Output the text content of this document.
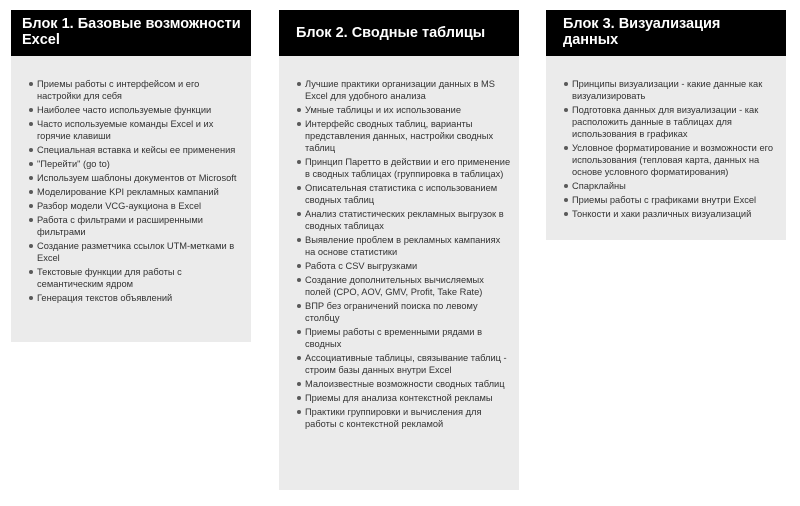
Блок 1. Базовые возможности Excel
Приемы работы с интерфейсом и его настройки для себя
Наиболее часто используемые функции
Часто используемые команды Excel и их горячие клавиши
Специальная вставка и кейсы ее применения
"Перейти" (go to)
Используем шаблоны документов от Microsoft
Моделирование KPI рекламных кампаний
Разбор модели VCG-аукциона в Excel
Работа с фильтрами и расширенными фильтрами
Создание разметчика ссылок UTM-метками в Excel
Текстовые функции для работы с семантическим ядром
Генерация текстов объявлений
Блок 2. Сводные таблицы
Лучшие практики организации данных в MS Excel для удобного анализа
Умные таблицы и их использование
Интерфейс сводных таблиц, варианты представления данных, настройки сводных таблиц
Принцип Паретто в действии и его применение в сводных таблицах (группировка в таблицах)
Описательная статистика с использованием сводных таблиц
Анализ статистических рекламных выгрузок в сводных таблицах
Выявление проблем в рекламных кампаниях на основе статистики
Работа с CSV выгрузками
Создание дополнительных вычисляемых полей (CPO, AOV, GMV, Profit, Take Rate)
ВПР без ограничений поиска по левому столбцу
Приемы работы с временными рядами в сводных
Ассоциативные таблицы, связывание таблиц - строим базы данных внутри Excel
Малоизвестные возможности сводных таблиц
Приемы для анализа контекстной рекламы
Практики группировки и вычисления для работы с контекстной рекламой
Блок 3. Визуализация данных
Принципы визуализации - какие данные как визуализировать
Подготовка данных для визуализации - как расположить данные в таблицах для использования в графиках
Условное форматирование и возможности его использования (тепловая карта, данных на основе условного форматирования)
Спарклайны
Приемы работы с графиками внутри Excel
Тонкости и хаки различных визуализаций
